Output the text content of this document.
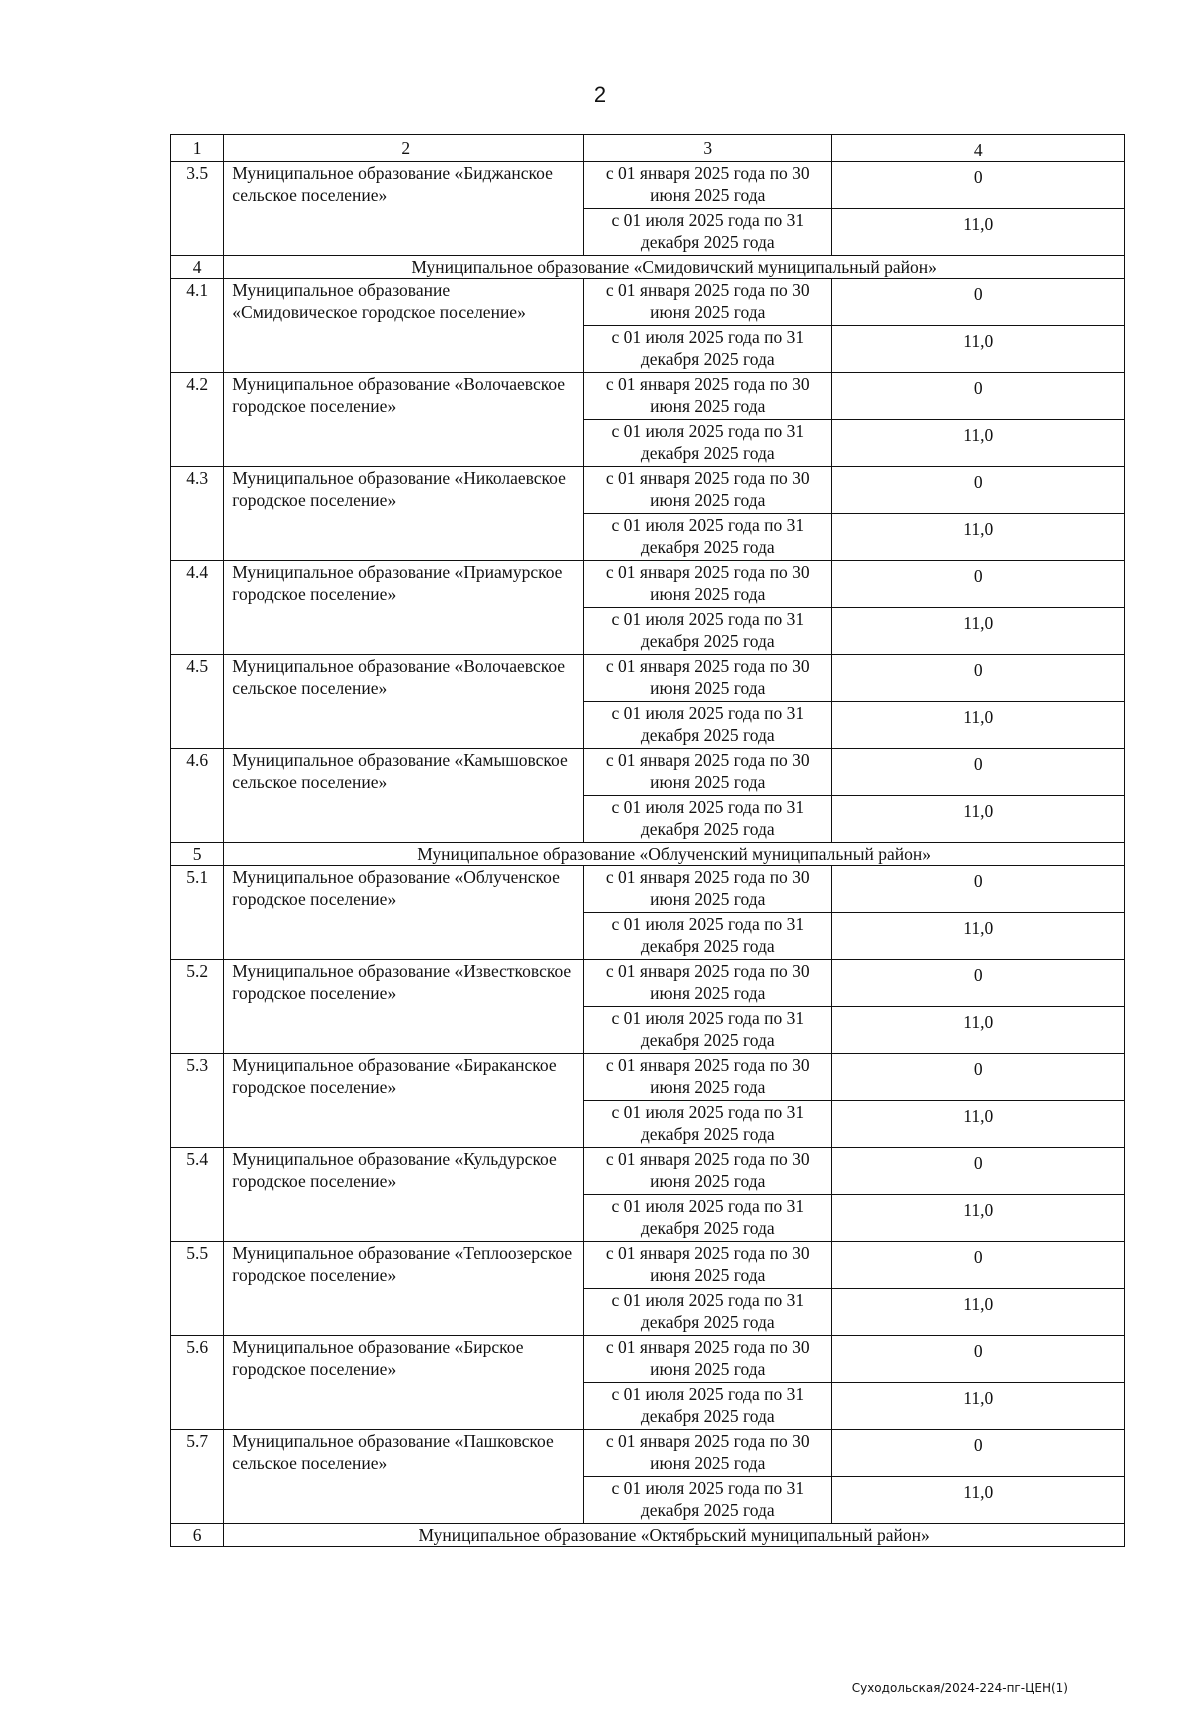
2
1	2	3	4
3.5	Муниципальное образование «Биджанское сельское поселение»	с 01 января 2025 года по 30 июня 2025 года	0
		с 01 июля 2025 года по 31 декабря 2025 года	11,0
4	Муниципальное образование «Смидовичский муниципальный район»		
4.1	Муниципальное образование «Смидовическое городское поселение»	с 01 января 2025 года по 30 июня 2025 года	0
		с 01 июля 2025 года по 31 декабря 2025 года	11,0
4.2	Муниципальное образование «Волочаевское городское поселение»	с 01 января 2025 года по 30 июня 2025 года	0
		с 01 июля 2025 года по 31 декабря 2025 года	11,0
4.3	Муниципальное образование «Николаевское городское поселение»	с 01 января 2025 года по 30 июня 2025 года	0
		с 01 июля 2025 года по 31 декабря 2025 года	11,0
4.4	Муниципальное образование «Приамурское городское поселение»	с 01 января 2025 года по 30 июня 2025 года	0
		с 01 июля 2025 года по 31 декабря 2025 года	11,0
4.5	Муниципальное образование «Волочаевское сельское поселение»	с 01 января 2025 года по 30 июня 2025 года	0
		с 01 июля 2025 года по 31 декабря 2025 года	11,0
4.6	Муниципальное образование «Камышовское сельское поселение»	с 01 января 2025 года по 30 июня 2025 года	0
		с 01 июля 2025 года по 31 декабря 2025 года	11,0
5	Муниципальное образование «Облученский муниципальный район»		
5.1	Муниципальное образование «Облученское городское поселение»	с 01 января 2025 года по 30 июня 2025 года	0
		с 01 июля 2025 года по 31 декабря 2025 года	11,0
5.2	Муниципальное образование «Известковское городское поселение»	с 01 января 2025 года по 30 июня 2025 года	0
		с 01 июля 2025 года по 31 декабря 2025 года	11,0
5.3	Муниципальное образование «Бираканское городское поселение»	с 01 января 2025 года по 30 июня 2025 года	0
		с 01 июля 2025 года по 31 декабря 2025 года	11,0
5.4	Муниципальное образование «Кульдурское городское поселение»	с 01 января 2025 года по 30 июня 2025 года	0
		с 01 июля 2025 года по 31 декабря 2025 года	11,0
5.5	Муниципальное образование «Теплоозерское городское поселение»	с 01 января 2025 года по 30 июня 2025 года	0
		с 01 июля 2025 года по 31 декабря 2025 года	11,0
5.6	Муниципальное образование «Бирское городское поселение»	с 01 января 2025 года по 30 июня 2025 года	0
		с 01 июля 2025 года по 31 декабря 2025 года	11,0
5.7	Муниципальное образование «Пашковское сельское поселение»	с 01 января 2025 года по 30 июня 2025 года	0
		с 01 июля 2025 года по 31 декабря 2025 года	11,0
6	Муниципальное образование «Октябрьский муниципальный район»		
Суходольская/2024-224-пг-ЦЕН(1)
